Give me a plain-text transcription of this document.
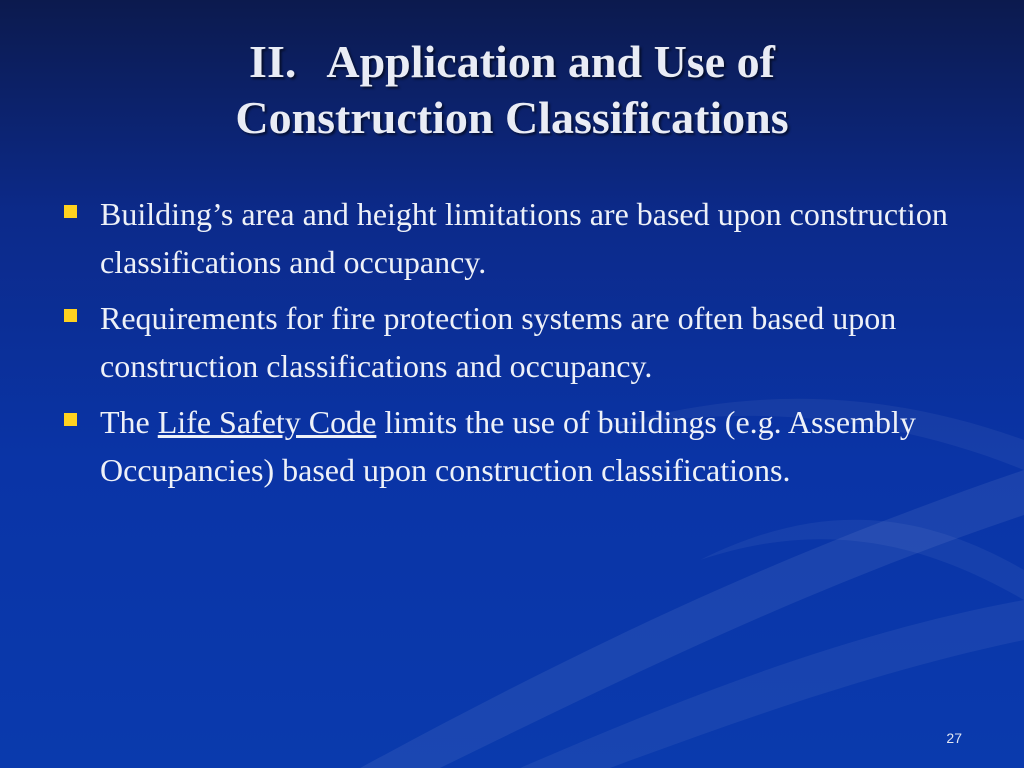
II. Application and Use of
Construction Classifications
Building’s area and height limitations are based upon construction classifications and occupancy.
Requirements for fire protection systems are often based upon construction classifications and occupancy.
The Life Safety Code limits the use of buildings (e.g. Assembly Occupancies) based upon construction classifications.
27
